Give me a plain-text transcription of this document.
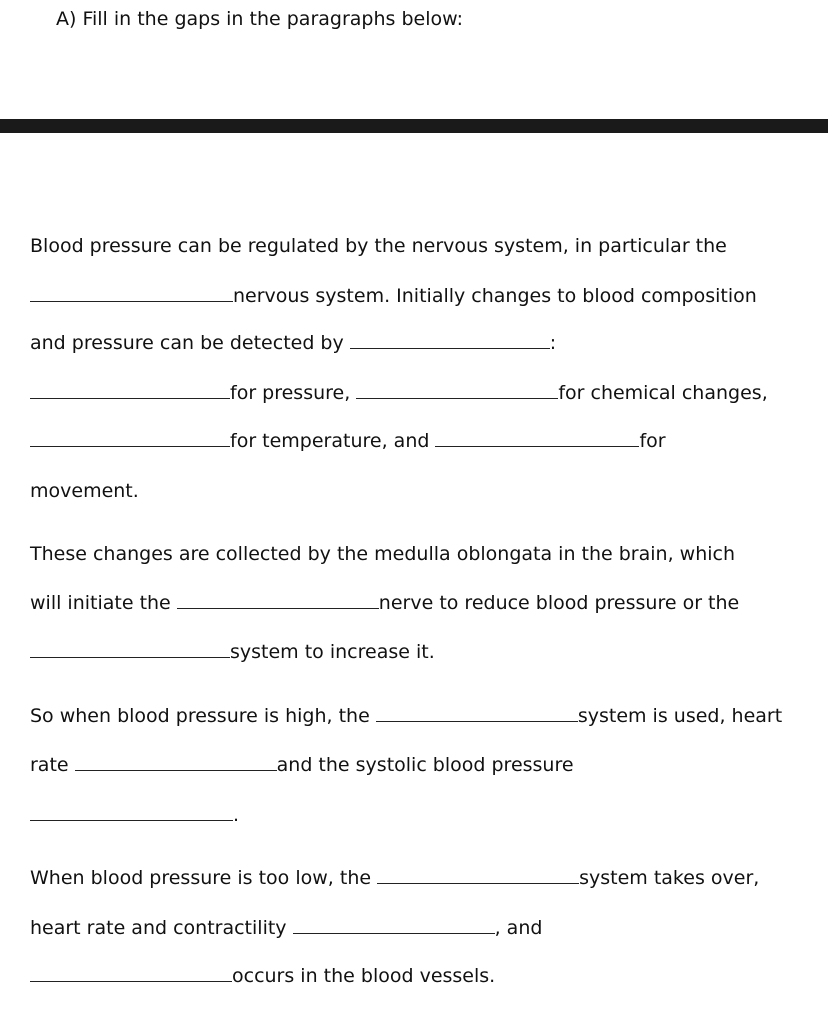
A) Fill in the gaps in the paragraphs below:
Blood pressure can be regulated by the nervous system, in particular the
nervous system. Initially changes to blood composition
and pressure can be detected by	:
for pressure,	for chemical changes,
for temperature, and	for
movement.
These changes are collected by the medulla oblongata in the brain, which
will initiate the	nerve to reduce blood pressure or the
system to increase it.
So when blood pressure is high, the	system is used, heart
rate	and the systolic blood pressure
.
When blood pressure is too low, the	system takes over,
heart rate and contractility	, and
occurs in the blood vessels.
